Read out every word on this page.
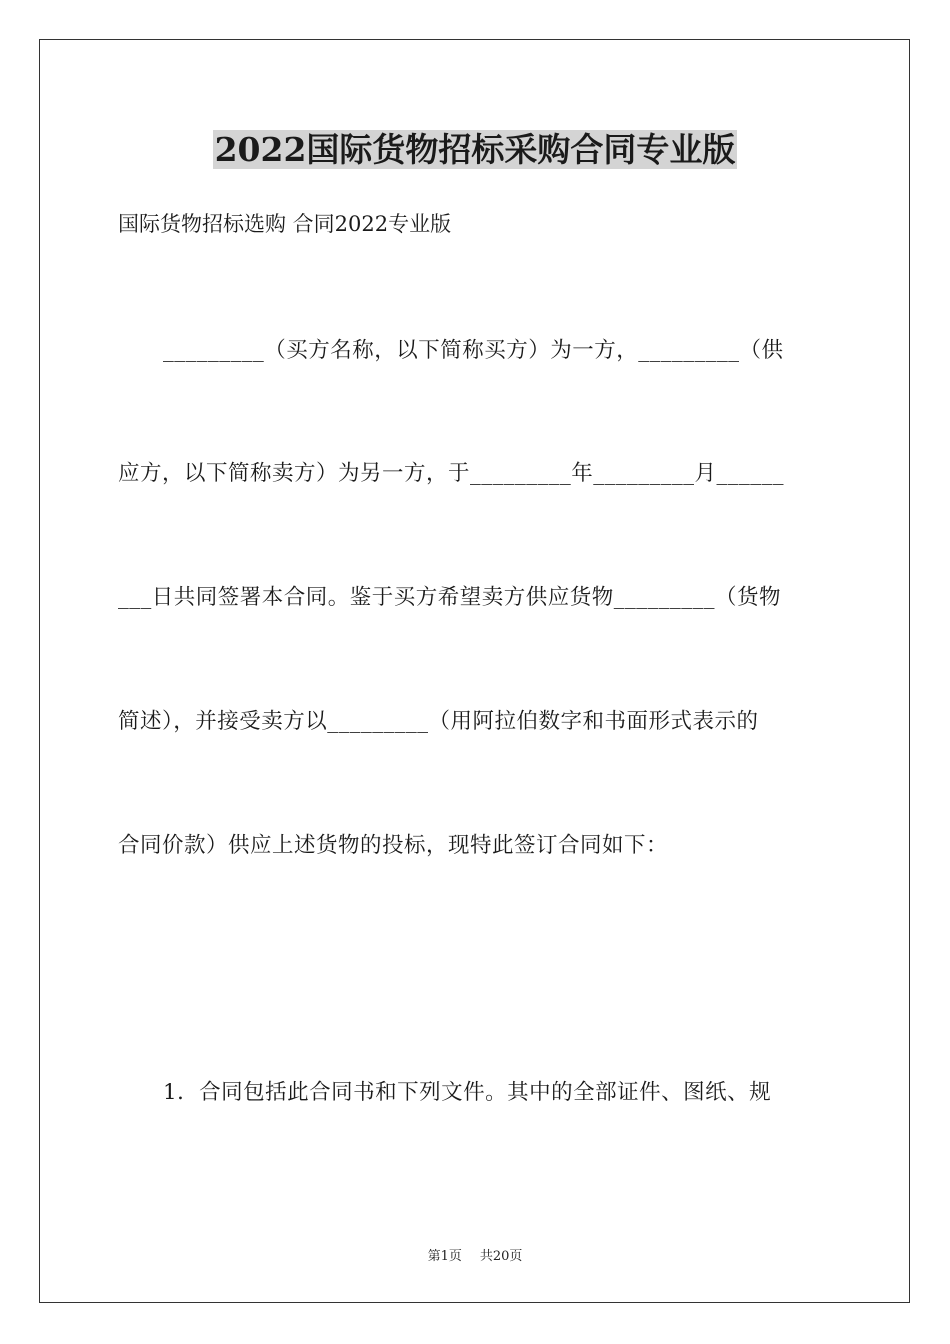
2022国际货物招标采购合同专业版
国际货物招标选购 合同2022专业版
_________（买方名称，以下简称买方）为一方，_________（供
应方，以下简称卖方）为另一方，于_________年_________月______
___日共同签署本合同。鉴于买方希望卖方供应货物_________（货物
简述），并接受卖方以_________（用阿拉伯数字和书面形式表示的
合同价款）供应上述货物的投标，现特此签订合同如下：
1．合同包括此合同书和下列文件。其中的全部证件、图纸、规
第1页 共20页
